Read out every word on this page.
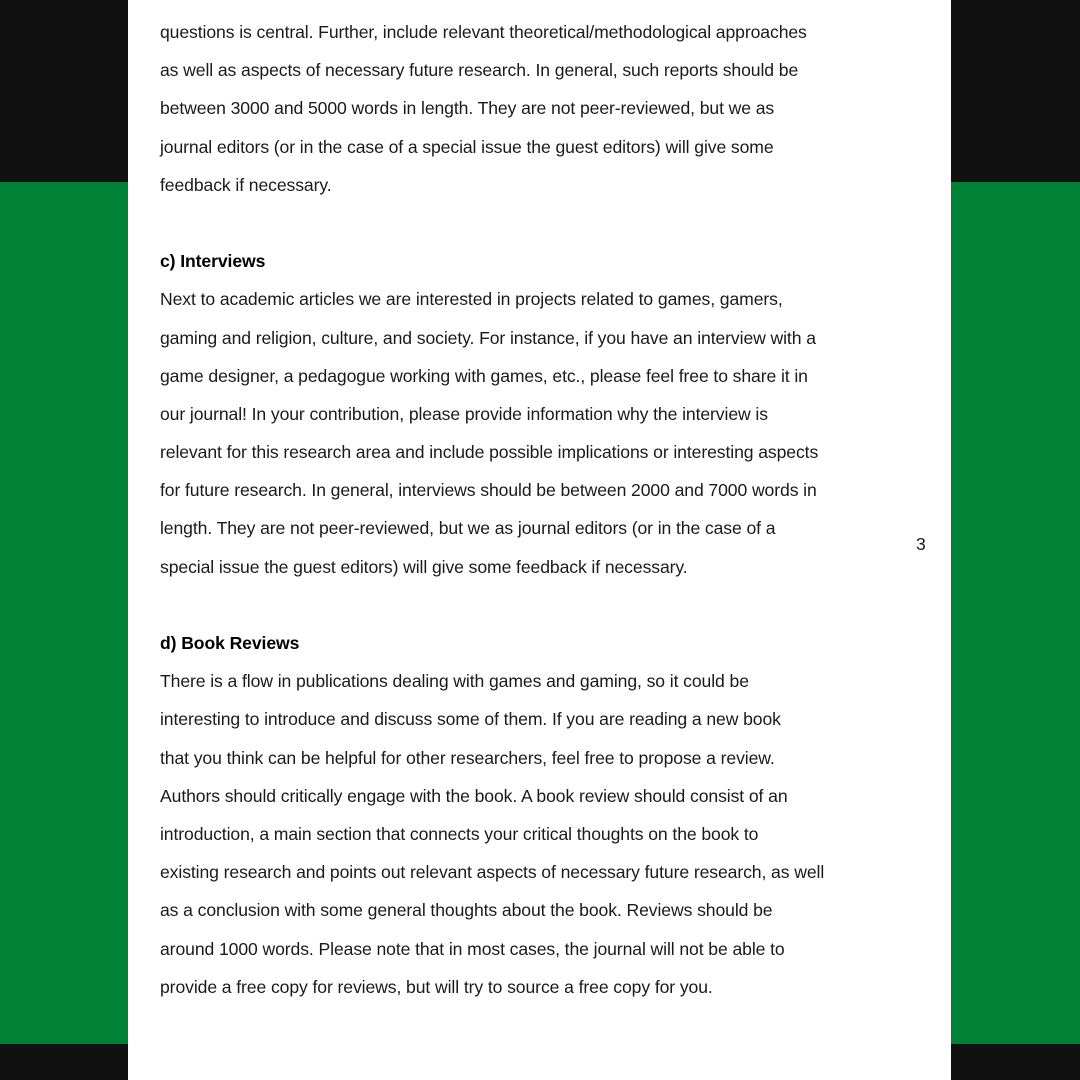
questions is central. Further, include relevant theoretical/methodological approaches
as well as aspects of necessary future research. In general, such reports should be
between 3000 and 5000 words in length. They are not peer-reviewed, but we as
journal editors (or in the case of a special issue the guest editors) will give some
feedback if necessary.
c) Interviews
Next to academic articles we are interested in projects related to games, gamers,
gaming and religion, culture, and society. For instance, if you have an interview with a
game designer, a pedagogue working with games, etc., please feel free to share it in
our journal! In your contribution, please provide information why the interview is
relevant for this research area and include possible implications or interesting aspects
for future research. In general, interviews should be between 2000 and 7000 words in
length. They are not peer-reviewed, but we as journal editors (or in the case of a
special issue the guest editors) will give some feedback if necessary.
d) Book Reviews
There is a flow in publications dealing with games and gaming, so it could be
interesting to introduce and discuss some of them. If you are reading a new book
that you think can be helpful for other researchers, feel free to propose a review.
Authors should critically engage with the book. A book review should consist of an
introduction, a main section that connects your critical thoughts on the book to
existing research and points out relevant aspects of necessary future research, as well
as a conclusion with some general thoughts about the book. Reviews should be
around 1000 words. Please note that in most cases, the journal will not be able to
provide a free copy for reviews, but will try to source a free copy for you.
3
